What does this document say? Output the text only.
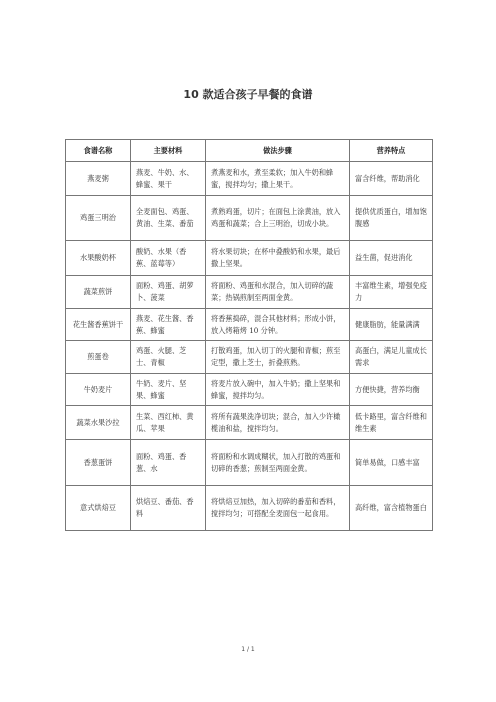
10 款适合孩子早餐的食谱
食谱名称	主要材料	做法步骤	营养特点
燕麦粥	燕麦、牛奶、水、蜂蜜、果干	煮燕麦和水，煮至柔软；加入牛奶和蜂蜜，搅拌均匀；撒上果干。	富含纤维，帮助消化
鸡蛋三明治	全麦面包、鸡蛋、黄油、生菜、番茄	煮熟鸡蛋，切片；在面包上涂黄油，放入鸡蛋和蔬菜；合上三明治，切成小块。	提供优质蛋白，增加饱腹感
水果酸奶杯	酸奶、水果（香蕉、蓝莓等）	将水果切块；在杯中叠酸奶和水果，最后撒上坚果。	益生菌，促进消化
蔬菜煎饼	面粉、鸡蛋、胡萝卜、菠菜	将面粉、鸡蛋和水混合，加入切碎的蔬菜；热锅煎制至两面金黄。	丰富维生素，增强免疫力
花生酱香蕉饼干	燕麦、花生酱、香蕉、蜂蜜	将香蕉捣碎，混合其他材料；形成小饼，放入烤箱烤 10 分钟。	健康脂肪，能量满满
煎蛋卷	鸡蛋、火腿、芝士、青椒	打散鸡蛋，加入切丁的火腿和青椒；煎至定型，撒上芝士，折叠煎熟。	高蛋白，满足儿童成长需求
牛奶麦片	牛奶、麦片、坚果、蜂蜜	将麦片放入碗中，加入牛奶；撒上坚果和蜂蜜，搅拌均匀。	方便快捷，营养均衡
蔬菜水果沙拉	生菜、西红柿、黄瓜、苹果	将所有蔬果洗净切块；混合，加入少许橄榄油和盐，搅拌均匀。	低卡路里，富含纤维和维生素
香葱蛋饼	面粉、鸡蛋、香葱、水	将面粉和水调成糊状，加入打散的鸡蛋和切碎的香葱；煎制至两面金黄。	简单易做，口感丰富
意式烘焙豆	烘焙豆、番茄、香料	将烘焙豆加热，加入切碎的番茄和香料，搅拌均匀；可搭配全麦面包一起食用。	高纤维，富含植物蛋白
1 / 1
